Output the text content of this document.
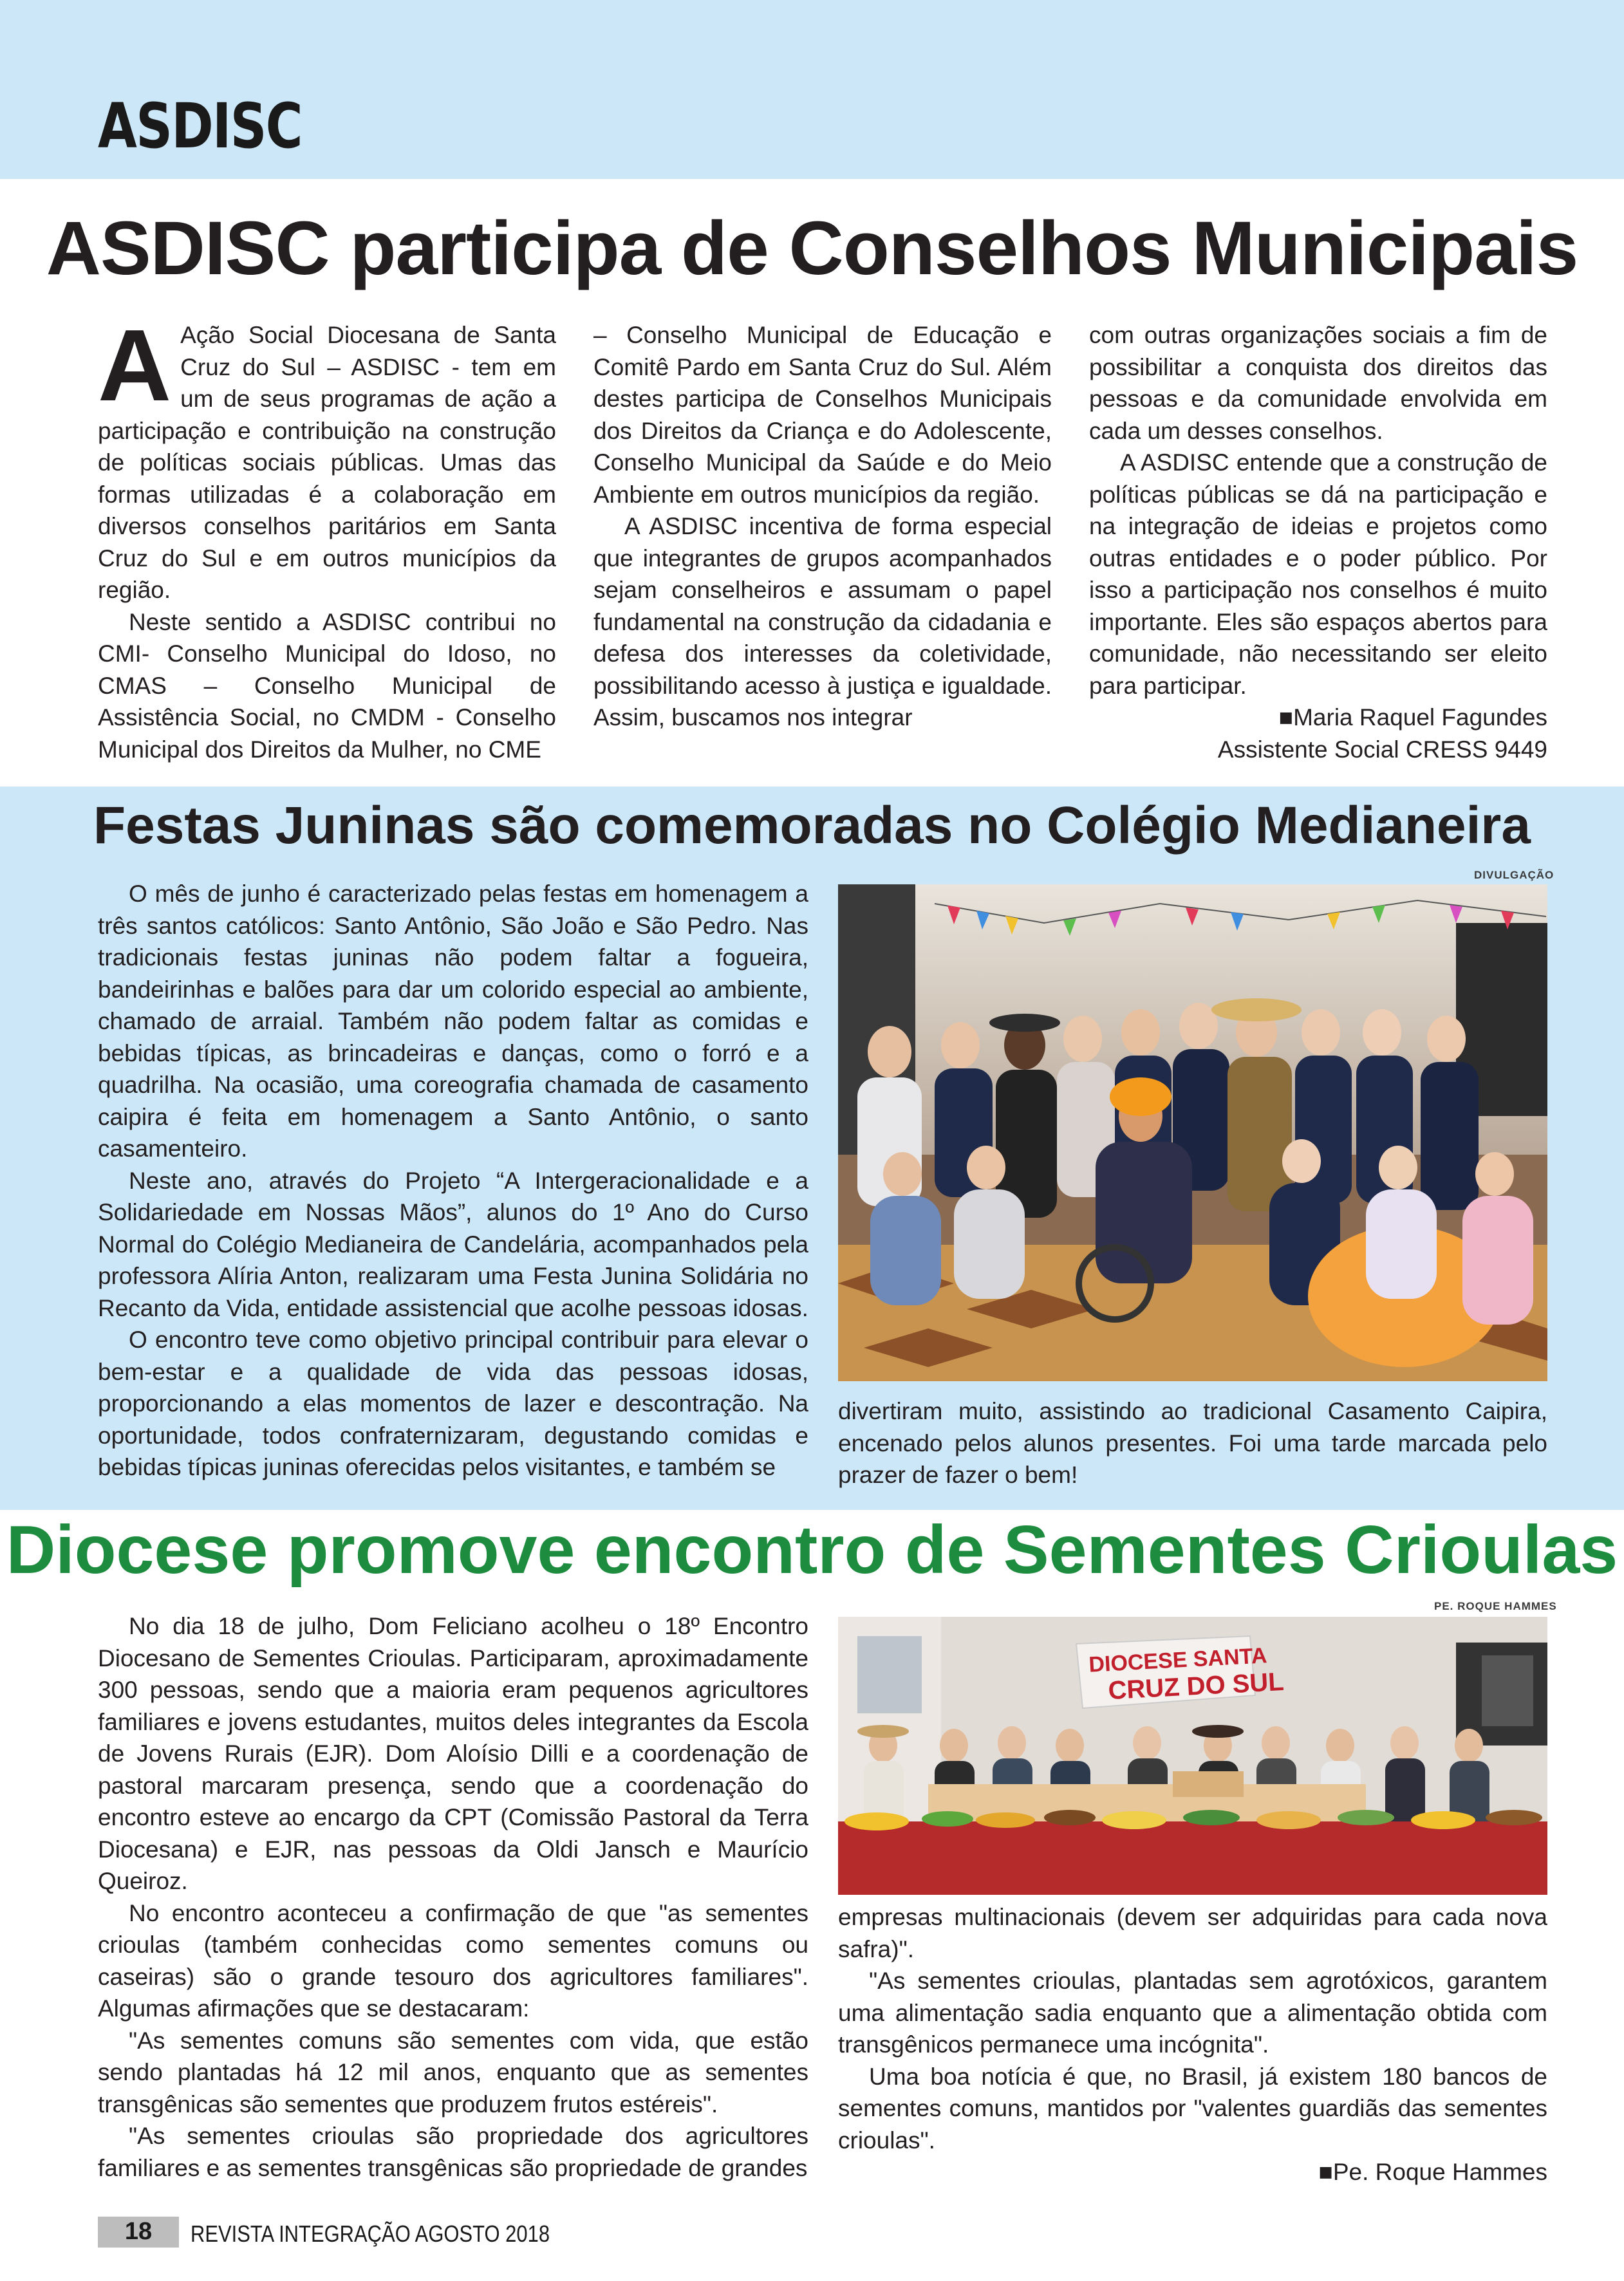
ASDISC
ASDISC participa de Conselhos Municipais
A Ação Social Diocesana de Santa Cruz do Sul – ASDISC - tem em um de seus programas de ação a participação e contribuição na construção de políticas sociais públicas. Umas das formas utilizadas é a colaboração em diversos conselhos paritários em Santa Cruz do Sul e em outros municípios da região.

Neste sentido a ASDISC contribui no CMI- Conselho Municipal do Idoso, no CMAS – Conselho Municipal de Assistência Social, no CMDM - Conselho Municipal dos Direitos da Mulher, no CME

– Conselho Municipal de Educação e Comitê Pardo em Santa Cruz do Sul. Além destes participa de Conselhos Municipais dos Direitos da Criança e do Adolescente, Conselho Municipal da Saúde e do Meio Ambiente em outros municípios da região.

A ASDISC incentiva de forma especial que integrantes de grupos acompanhados sejam conselheiros e assumam o papel fundamental na construção da cidadania e defesa dos interesses da coletividade, possibilitando acesso à justiça e igualdade. Assim, buscamos nos integrar

com outras organizações sociais a fim de possibilitar a conquista dos direitos das pessoas e da comunidade envolvida em cada um desses conselhos.

A ASDISC entende que a construção de políticas públicas se dá na participação e na integração de ideias e projetos como outras entidades e o poder público. Por isso a participação nos conselhos é muito importante. Eles são espaços abertos para comunidade, não necessitando ser eleito para participar.

■Maria Raquel Fagundes

Assistente Social CRESS 9449

Festas Juninas são comemoradas no Colégio Medianeira

O mês de junho é caracterizado pelas festas em homenagem a três santos católicos: Santo Antônio, São João e São Pedro. Nas tradicionais festas juninas não podem faltar a fogueira, bandeirinhas e balões para dar um colorido especial ao ambiente, chamado de arraial. Também não podem faltar as comidas e bebidas típicas, as brincadeiras e danças, como o forró e a quadrilha. Na ocasião, uma coreografia chamada de casamento caipira é feita em homenagem a Santo Antônio, o santo casamenteiro.

Neste ano, através do Projeto “A Intergeracionalidade e a Solidariedade em Nossas Mãos”, alunos do 1º Ano do Curso Normal do Colégio Medianeira de Candelária, acompanhados pela professora Alíria Anton, realizaram uma Festa Junina Solidária no Recanto da Vida, entidade assistencial que acolhe pessoas idosas.

O encontro teve como objetivo principal contribuir para elevar o bem-estar e a qualidade de vida das pessoas idosas, proporcionando a elas momentos de lazer e descontração. Na oportunidade, todos confraternizaram, degustando comidas e bebidas típicas juninas oferecidas pelos visitantes, e também se

DIVULGAÇÃO

divertiram muito, assistindo ao tradicional Casamento Caipira, encenado pelos alunos presentes. Foi uma tarde marcada pelo prazer de fazer o bem!

Diocese promove encontro de Sementes Crioulas

No dia 18 de julho, Dom Feliciano acolheu o 18º Encontro Diocesano de Sementes Crioulas. Participaram, aproximadamente 300 pessoas, sendo que a maioria eram pequenos agricultores familiares e jovens estudantes, muitos deles integrantes da Escola de Jovens Rurais (EJR). Dom Aloísio Dilli e a coordenação de pastoral marcaram presença, sendo que a coordenação do encontro esteve ao encargo da CPT (Comissão Pastoral da Terra Diocesana) e EJR, nas pessoas da Oldi Jansch e Maurício Queiroz.

No encontro aconteceu a confirmação de que "as sementes crioulas (também conhecidas como sementes comuns ou caseiras) são o grande tesouro dos agricultores familiares". Algumas afirmações que se destacaram:

"As sementes comuns são sementes com vida, que estão sendo plantadas há 12 mil anos, enquanto que as sementes transgênicas são sementes que produzem frutos estéreis".

"As sementes crioulas são propriedade dos agricultores familiares e as sementes transgênicas são propriedade de grandes

PE. ROQUE HAMMES
DIOCESE SANTA
CRUZ DO SUL

empresas multinacionais (devem ser adquiridas para cada nova safra)".

"As sementes crioulas, plantadas sem agrotóxicos, garantem uma alimentação sadia enquanto que a alimentação obtida com transgênicos permanece uma incógnita".

Uma boa notícia é que, no Brasil, já existem 180 bancos de sementes comuns, mantidos por "valentes guardiãs das sementes crioulas".

■Pe. Roque Hammes

18	REVISTA INTEGRAÇÃO AGOSTO 2018
